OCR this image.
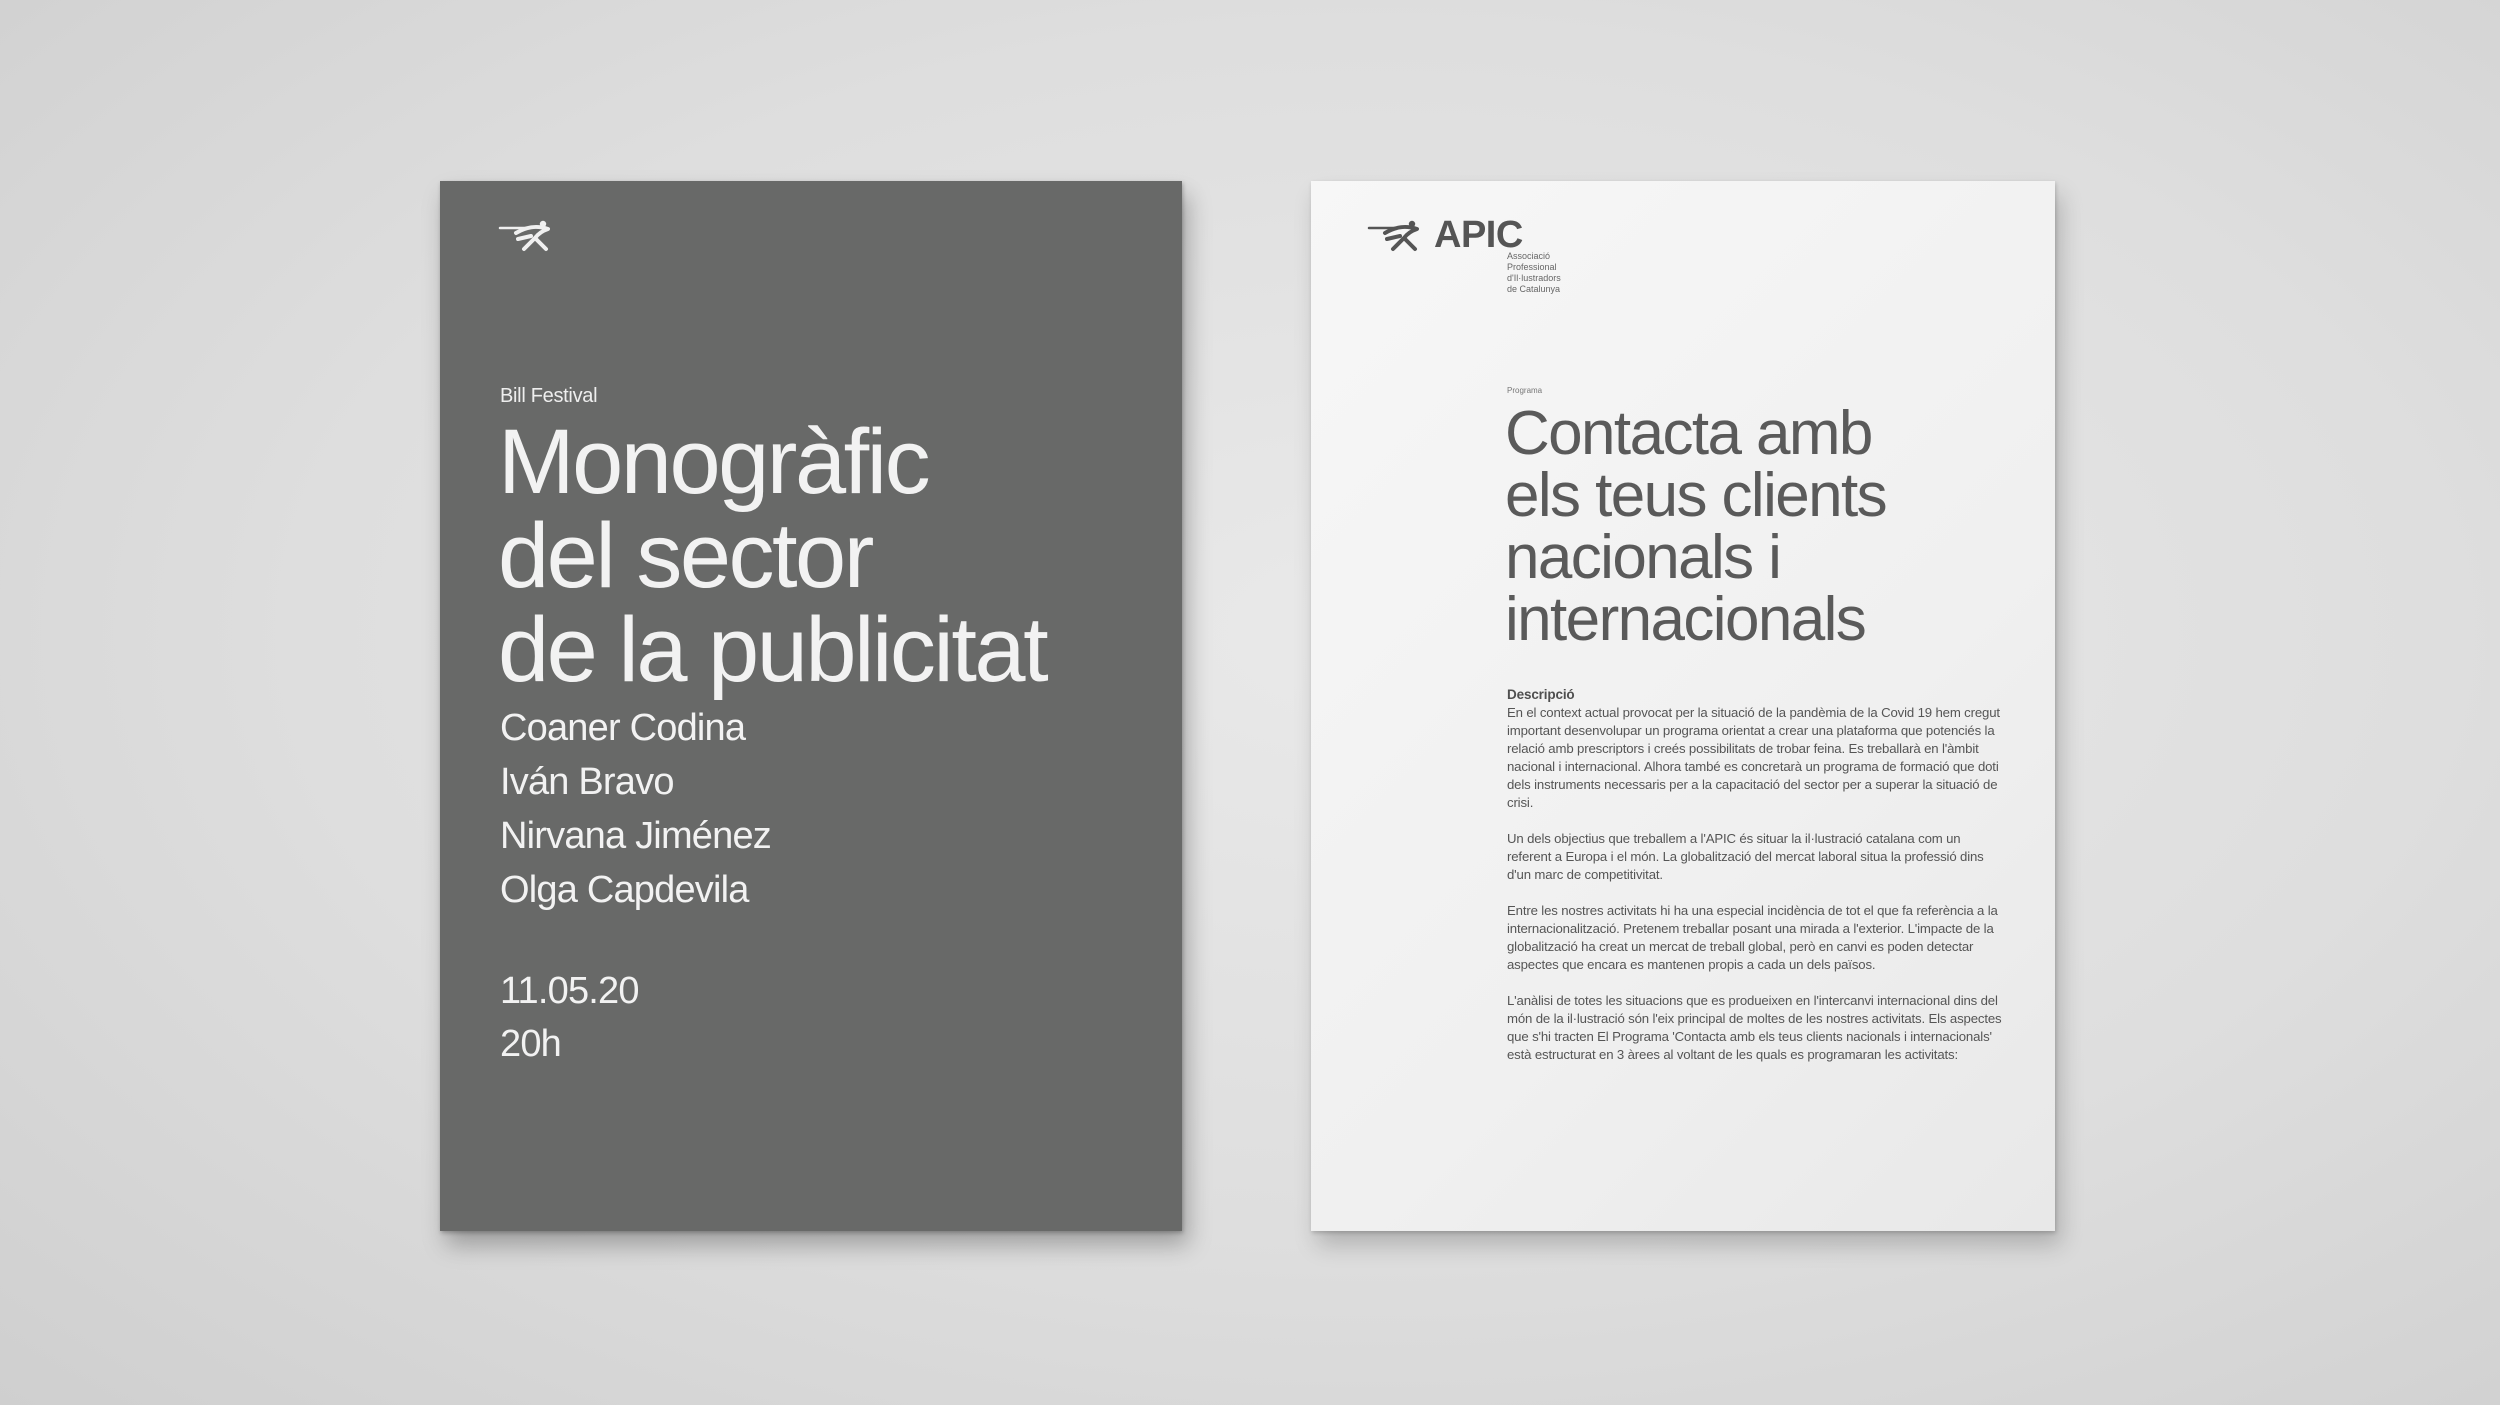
Bill Festival
Monogràfic
del sector
de la publicitat
Coaner Codina
Iván Bravo
Nirvana Jiménez
Olga Capdevila
11.05.20
20h
APIC
Associació
Professional
d'Il·lustradors
de Catalunya
Programa
Contacta amb
els teus clients
nacionals i
internacionals
Descripció

En el context actual provocat per la situació de la pandèmia de la Covid 19 hem cregut important desenvolupar un programa orientat a crear una plataforma que potenciés la relació amb prescriptors i creés possibilitats de trobar feina. Es treballarà en l'àmbit nacional i internacional. Alhora també es concretarà un programa de formació que doti dels instruments necessaris per a la capacitació del sector per a superar la situació de crisi.

Un dels objectius que treballem a l'APIC és situar la il·lustració catalana com un referent a Europa i el món. La globalització del mercat laboral situa la professió dins d'un marc de competitivitat.

Entre les nostres activitats hi ha una especial incidència de tot el que fa referència a la internacionalització. Pretenem treballar posant una mirada a l'exterior. L'impacte de la globalització ha creat un mercat de treball global, però en canvi es poden detectar aspectes que encara es mantenen propis a cada un dels països.

L'anàlisi de totes les situacions que es produeixen en l'intercanvi internacional dins del món de la il·lustració són l'eix principal de moltes de les nostres activitats. Els aspectes que s'hi tracten El Programa 'Contacta amb els teus clients nacionals i internacionals' està estructurat en 3 àrees al voltant de les quals es programaran les activitats:
